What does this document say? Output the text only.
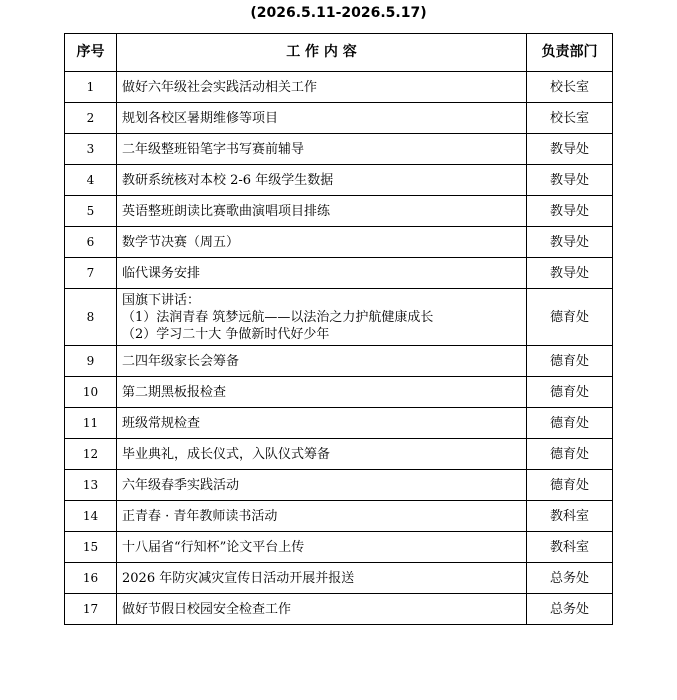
(2026.5.11-2026.5.17)
序号	工 作 内 容	负责部门
1	做好六年级社会实践活动相关工作	校长室
2	规划各校区暑期维修等项目	校长室
3	二年级整班铅笔字书写赛前辅导	教导处
4	教研系统核对本校 2-6 年级学生数据	教导处
5	英语整班朗读比赛歌曲演唱项目排练	教导处
6	数学节决赛（周五）	教导处
7	临代课务安排	教导处
8	国旗下讲话：
（1）法润青春 筑梦远航——以法治之力护航健康成长
（2）学习二十大 争做新时代好少年	德育处
9	二四年级家长会筹备	德育处
10	第二期黑板报检查	德育处
11	班级常规检查	德育处
12	毕业典礼，成长仪式，入队仪式筹备	德育处
13	六年级春季实践活动	德育处
14	正青春 · 青年教师读书活动	教科室
15	十八届省“行知杯”论文平台上传	教科室
16	2026 年防灾减灾宣传日活动开展并报送	总务处
17	做好节假日校园安全检查工作	总务处
